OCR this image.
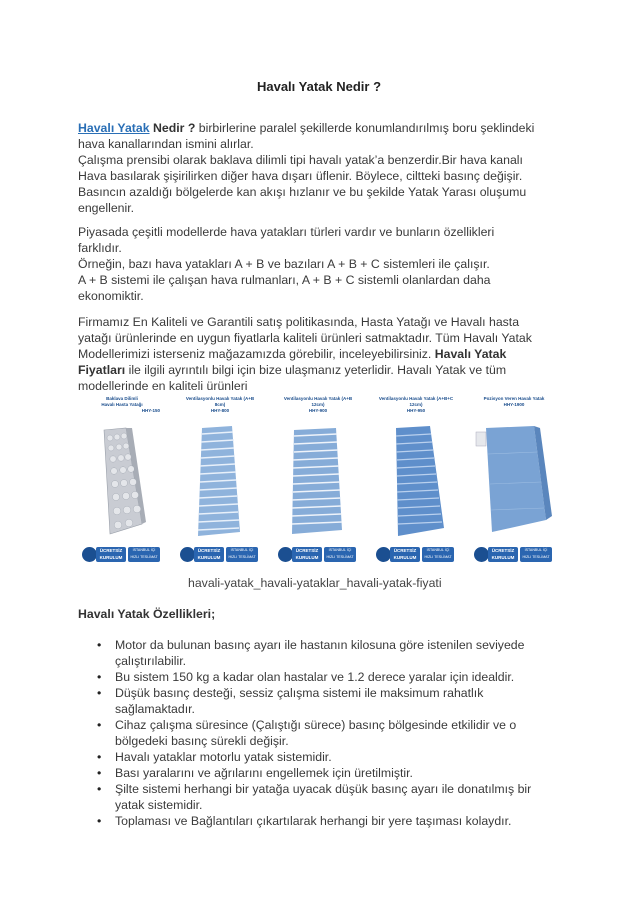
Havalı Yatak Nedir ?
Havalı Yatak Nedir ? birbirlerine paralel şekillerde konumlandırılmış boru şeklindeki
hava kanallarından ismini alırlar.
Çalışma prensibi olarak baklava dilimli tipi havalı yatak’a benzerdir.Bir hava kanalı
Hava basılarak şişirilirken diğer hava dışarı üflenir. Böylece, ciltteki basınç değişir.
Basıncın azaldığı bölgelerde kan akışı hızlanır ve bu şekilde Yatak Yarası oluşumu
engellenir.
Piyasada çeşitli modellerde hava yatakları türleri vardır ve bunların özellikleri
farklıdır.
Örneğin, bazı hava yatakları A + B ve bazıları A + B + C sistemleri ile çalışır.
A + B sistemi ile çalışan hava rulmanları, A + B + C sistemli olanlardan daha
ekonomiktir.
Firmamız En Kaliteli ve Garantili satış politikasında, Hasta Yatağı ve Havalı hasta
yatağı ürünlerinde en uygun fiyatlarla kaliteli ürünleri satmaktadır. Tüm Havalı Yatak
Modellerimizi isterseniz mağazamızda görebilir, inceleyebilirsiniz. Havalı Yatak
Fiyatları ile ilgili ayrıntılı bilgi için bize ulaşmanız yeterlidir. Havalı Yatak ve tüm
modellerinde en kaliteli ürünleri
Baklava Dilimli
Havalı Hasta Yatağı
HHY-150
ÜCRETSİZ
KURULUM
İSTANBUL İÇİ
HIZLI TESLİMAT
Ventilasyonlu Havalı Yatak (A+B 8cm)
HHY-800
ÜCRETSİZ
KURULUM
İSTANBUL İÇİ
HIZLI TESLİMAT
Ventilasyonlu Havalı Yatak (A+B 12cm)
HHY-900
ÜCRETSİZ
KURULUM
İSTANBUL İÇİ
HIZLI TESLİMAT
Ventilasyonlu Havalı Yatak (A+B+C 12cm)
HHY-950
ÜCRETSİZ
KURULUM
İSTANBUL İÇİ
HIZLI TESLİMAT
Pozisyon Veren Havalı Yatak
HHY-1900
ÜCRETSİZ
KURULUM
İSTANBUL İÇİ
HIZLI TESLİMAT
havali-yatak_havali-yataklar_havali-yatak-fiyati
Havalı Yatak Özellikleri;
• Motor da bulunan basınç ayarı ile hastanın kilosuna göre istenilen seviyede
çalıştırılabilir.
• Bu sistem 150 kg a kadar olan hastalar ve 1.2 derece yaralar için idealdir.
• Düşük basınç desteği, sessiz çalışma sistemi ile maksimum rahatlık
sağlamaktadır.
• Cihaz çalışma süresince (Çalıştığı sürece) basınç bölgesinde etkilidir ve o
bölgedeki basınç sürekli değişir.
• Havalı yataklar motorlu yatak sistemidir.
• Bası yaralarını ve ağrılarını engellemek için üretilmiştir.
• Şilte sistemi herhangi bir yatağa uyacak düşük basınç ayarı ile donatılmış bir
yatak sistemidir.
• Toplaması ve Bağlantıları çıkartılarak herhangi bir yere taşıması kolaydır.
